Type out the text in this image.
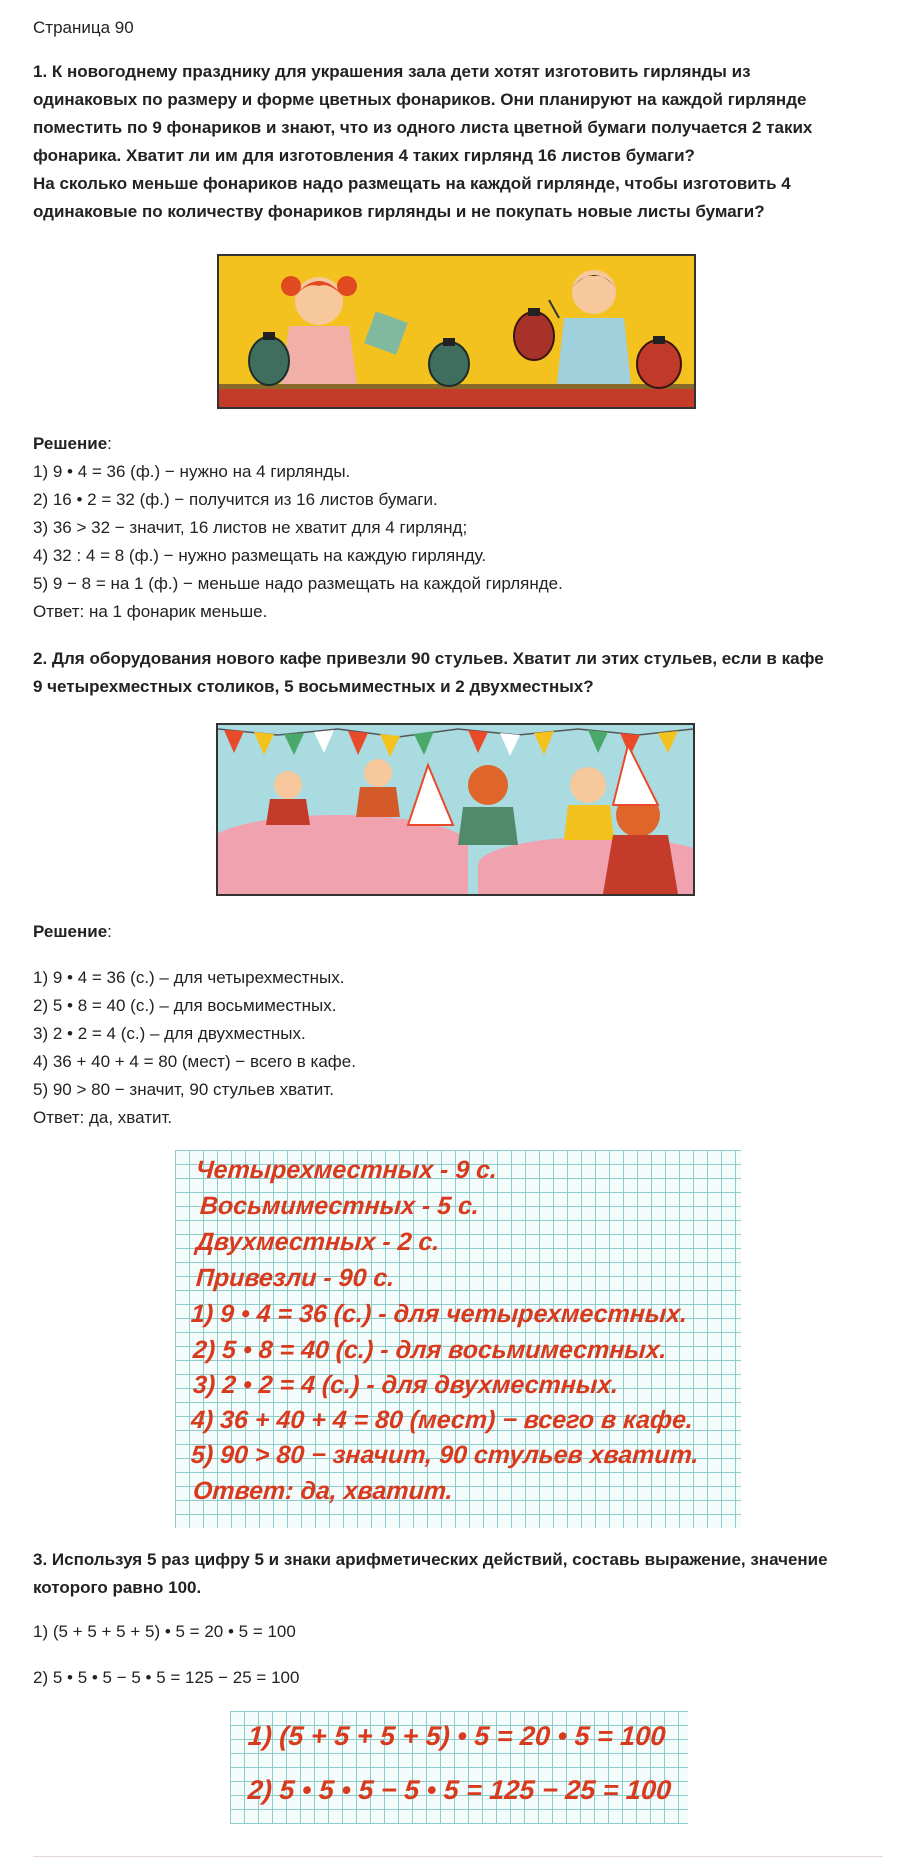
Страница 90
1. К новогоднему празднику для украшения зала дети хотят изготовить гирлянды из
одинаковых по размеру и форме цветных фонариков. Они планируют на каждой гирлянде
поместить по 9 фонариков и знают, что из одного листа цветной бумаги получается 2 таких
фонарика. Хватит ли им для изготовления 4 таких гирлянд 16 листов бумаги?
На сколько меньше фонариков надо размещать на каждой гирлянде, чтобы изготовить 4
одинаковые по количеству фонариков гирлянды и не покупать новые листы бумаги?
Решение:
1) 9 • 4 = 36 (ф.) − нужно на 4 гирлянды.
2) 16 • 2 = 32 (ф.) − получится из 16 листов бумаги.
3) 36 > 32 − значит, 16 листов не хватит для 4 гирлянд;
4) 32 : 4 = 8 (ф.) − нужно размещать на каждую гирлянду.
5) 9 − 8 = на 1 (ф.) − меньше надо размещать на каждой гирлянде.
Ответ: на 1 фонарик меньше.
2. Для оборудования нового кафе привезли 90 стульев. Хватит ли этих стульев, если в кафе
9 четырехместных столиков, 5 восьмиместных и 2 двухместных?
Решение:
1) 9 • 4 = 36 (с.) – для четырехместных.
2) 5 • 8 = 40 (с.) – для восьмиместных.
3) 2 • 2 = 4 (с.) – для двухместных.
4) 36 + 40 + 4 = 80 (мест) − всего в кафе.
5) 90 > 80 − значит, 90 стульев хватит.
Ответ: да, хватит.
Четырехместных - 9 с.
Восьмиместных - 5 с.
Двухместных - 2 с.
Привезли - 90 с.
1) 9 • 4 = 36 (с.) - для четырехместных.
2) 5 • 8 = 40 (с.) - для восьмиместных.
3) 2 • 2 = 4 (с.) - для двухместных.
4) 36 + 40 + 4 = 80 (мест) − всего в кафе.
5) 90 > 80 − значит, 90 стульев хватит.
Ответ: да, хватит.
3. Используя 5 раз цифру 5 и знаки арифметических действий, составь выражение, значение
которого равно 100.
1) (5 + 5 + 5 + 5) • 5 = 20 • 5 = 100
2) 5 • 5 • 5 − 5 • 5 = 125 − 25 = 100
1) (5 + 5 + 5 + 5) • 5 = 20 • 5 = 100
2) 5 • 5 • 5 − 5 • 5 = 125 − 25 = 100
